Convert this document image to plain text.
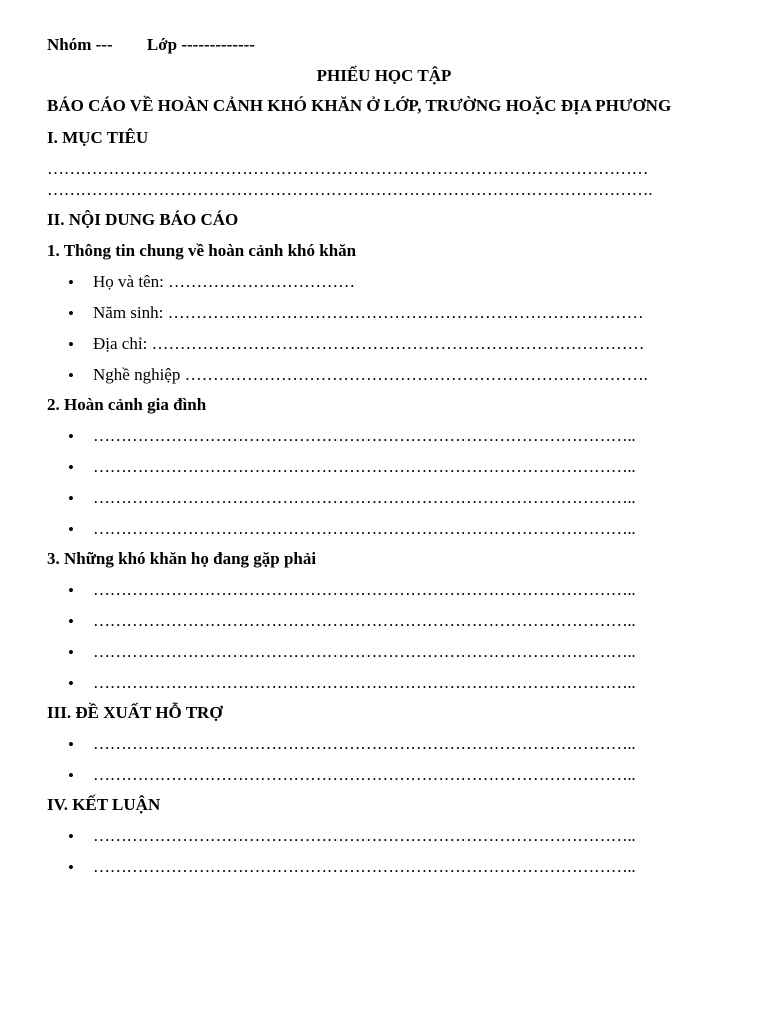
Nhóm --- Lớp -------------
PHIẾU HỌC TẬP
BÁO CÁO VỀ HOÀN CẢNH KHÓ KHĂN Ở LỚP, TRƯỜNG HOẶC ĐỊA PHƯƠNG
I. MỤC TIÊU
………………………………………………………………………………………………
……………………………………………………………………………………………….
II. NỘI DUNG BÁO CÁO
1. Thông tin chung về hoàn cảnh khó khăn
• Họ và tên: ……………………………
• Năm sinh: …………………………………………………………………………
• Địa chỉ: ……………………………………………………………………………
• Nghề nghiệp ……………………………………………………………………….
2. Hoàn cảnh gia đình
• ……………………………………………………………………………………..
• ……………………………………………………………………………………..
• ……………………………………………………………………………………..
• ……………………………………………………………………………………..
3. Những khó khăn họ đang gặp phải
• ……………………………………………………………………………………..
• ……………………………………………………………………………………..
• ……………………………………………………………………………………..
• ……………………………………………………………………………………..
III. ĐỀ XUẤT HỖ TRỢ
• ……………………………………………………………………………………..
• ……………………………………………………………………………………..
IV. KẾT LUẬN
• ……………………………………………………………………………………..
• ……………………………………………………………………………………..
